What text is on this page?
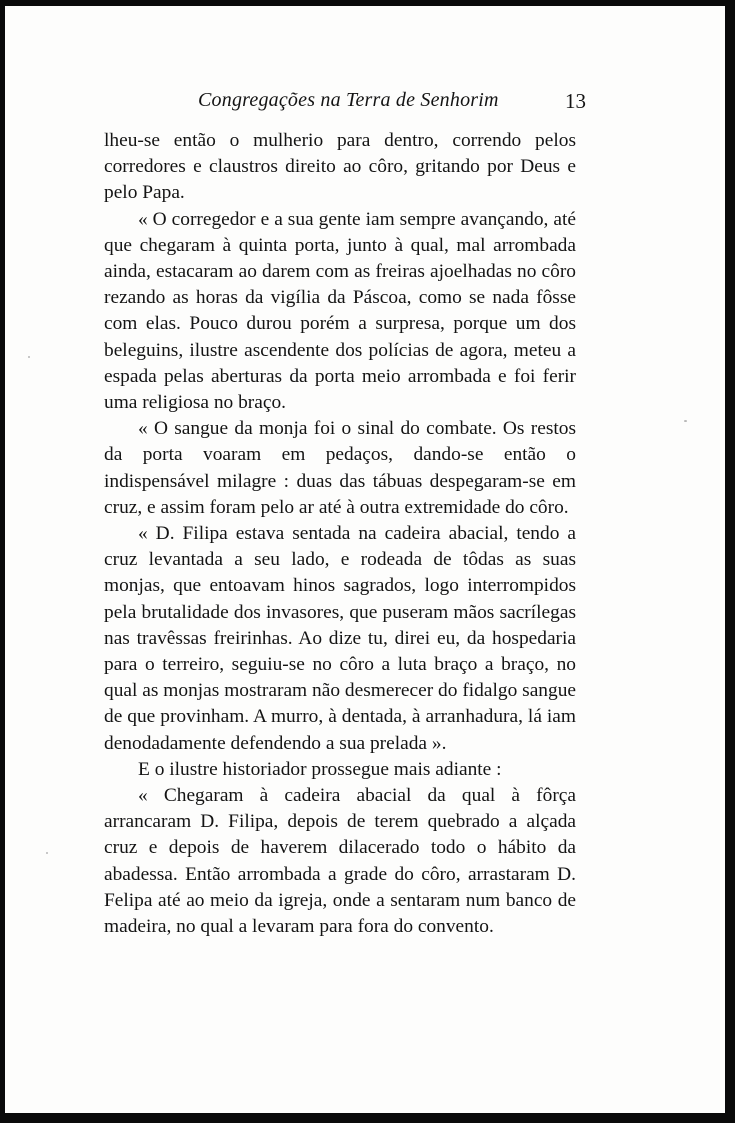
Congregações na Terra de Senhorim	13

lheu-se então o mulherio para dentro, correndo pelos corredores e claustros direito ao côro, gritando por Deus e pelo Papa.

« O corregedor e a sua gente iam sempre avançando, até que chegaram à quinta porta, junto à qual, mal arrombada ainda, estacaram ao darem com as freiras ajoelhadas no côro rezando as horas da vigília da Páscoa, como se nada fôsse com elas. Pouco durou porém a surpresa, porque um dos beleguins, ilustre ascendente dos polícias de agora, meteu a espada pelas aberturas da porta meio arrombada e foi ferir uma religiosa no braço.

« O sangue da monja foi o sinal do combate. Os restos da porta voaram em pedaços, dando-se então o indispensável milagre : duas das tábuas despegaram-se em cruz, e assim foram pelo ar até à outra extremidade do côro.

« D. Filipa estava sentada na cadeira abacial, tendo a cruz levantada a seu lado, e rodeada de tôdas as suas monjas, que entoavam hinos sagrados, logo interrompidos pela brutalidade dos invasores, que puseram mãos sacrílegas nas travêssas freirinhas. Ao dize tu, direi eu, da hospedaria para o terreiro, seguiu-se no côro a luta braço a braço, no qual as monjas mostraram não desmerecer do fidalgo sangue de que provinham. A murro, à dentada, à arranhadura, lá iam denodadamente defendendo a sua prelada ».

E o ilustre historiador prossegue mais adiante :

« Chegaram à cadeira abacial da qual à fôrça arrancaram D. Filipa, depois de terem quebrado a alçada cruz e depois de haverem dilacerado todo o hábito da abadessa. Então arrombada a grade do côro, arrastaram D. Felipa até ao meio da igreja, onde a sentaram num banco de madeira, no qual a levaram para fora do convento.
